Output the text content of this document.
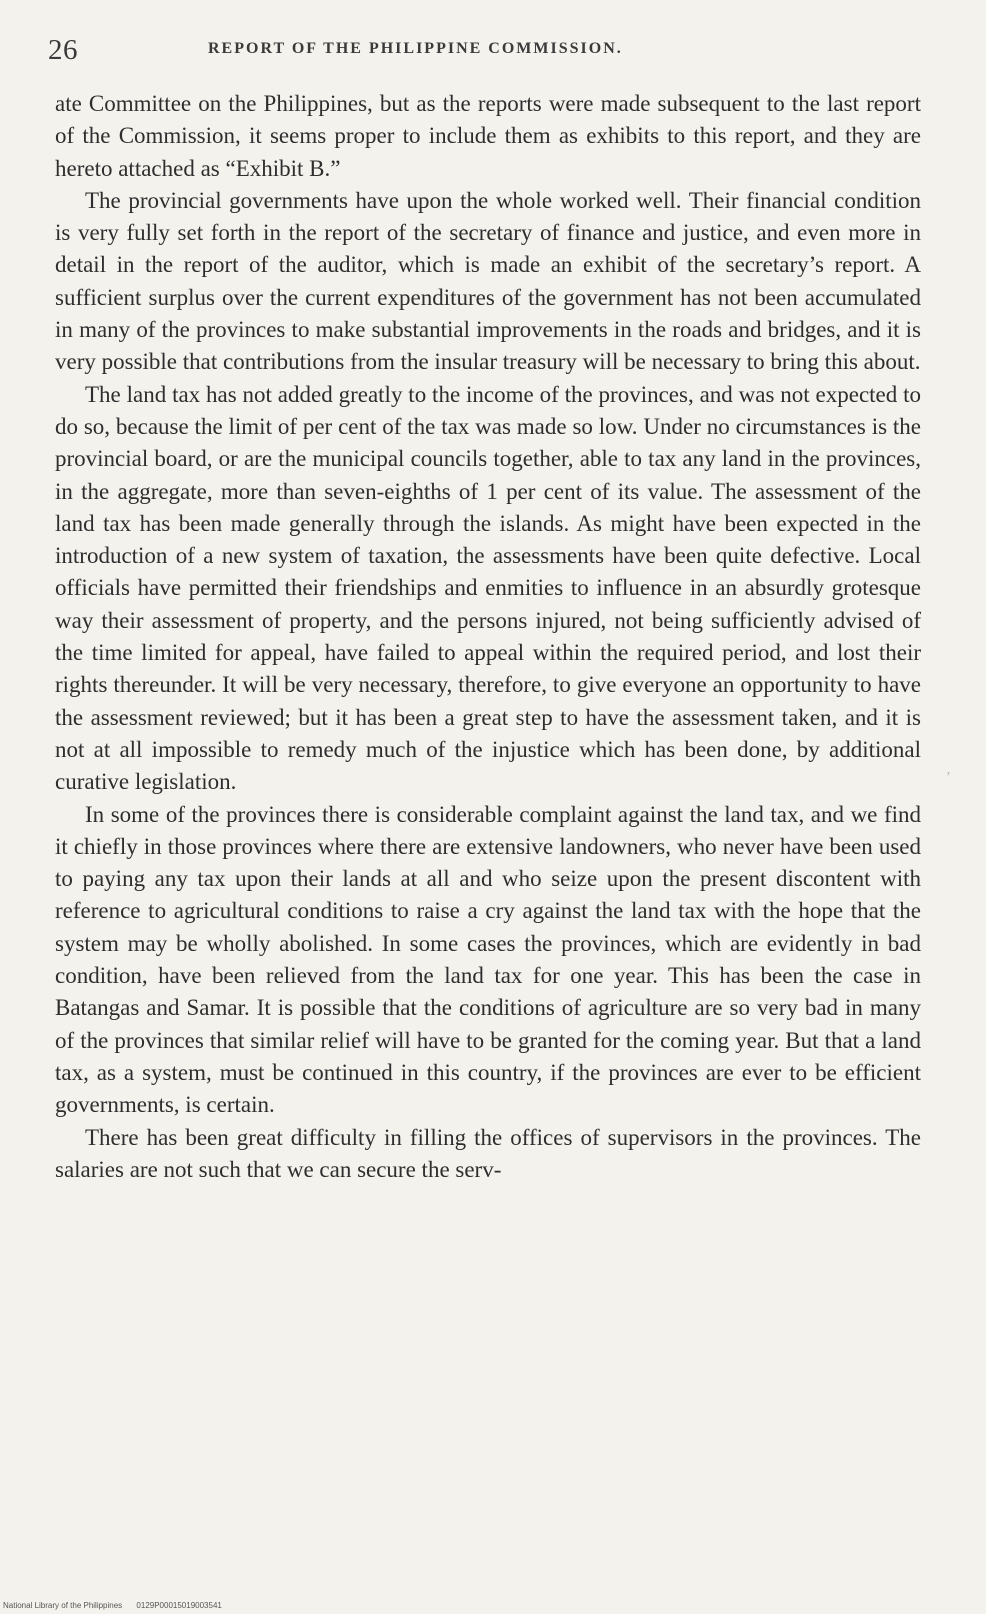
26	REPORT OF THE PHILIPPINE COMMISSION.

ate Committee on the Philippines, but as the reports were made subsequent to the last report of the Commission, it seems proper to include them as exhibits to this report, and they are hereto attached as “Exhibit B.”

The provincial governments have upon the whole worked well. Their financial condition is very fully set forth in the report of the secretary of finance and justice, and even more in detail in the report of the auditor, which is made an exhibit of the secretary’s report. A sufficient surplus over the current expenditures of the government has not been accumulated in many of the provinces to make substantial improvements in the roads and bridges, and it is very possible that contributions from the insular treasury will be necessary to bring this about.

The land tax has not added greatly to the income of the provinces, and was not expected to do so, because the limit of per cent of the tax was made so low. Under no circumstances is the provincial board, or are the municipal councils together, able to tax any land in the provinces, in the aggregate, more than seven-eighths of 1 per cent of its value. The assessment of the land tax has been made generally through the islands. As might have been expected in the introduction of a new system of taxation, the assessments have been quite defective. Local officials have permitted their friendships and enmities to influence in an absurdly grotesque way their assessment of property, and the persons injured, not being sufficiently advised of the time limited for appeal, have failed to appeal within the required period, and lost their rights thereunder. It will be very necessary, therefore, to give everyone an opportunity to have the assessment reviewed; but it has been a great step to have the assessment taken, and it is not at all impossible to remedy much of the injustice which has been done, by additional curative legislation.

In some of the provinces there is considerable complaint against the land tax, and we find it chiefly in those provinces where there are extensive landowners, who never have been used to paying any tax upon their lands at all and who seize upon the present discontent with reference to agricultural conditions to raise a cry against the land tax with the hope that the system may be wholly abolished. In some cases the provinces, which are evidently in bad condition, have been relieved from the land tax for one year. This has been the case in Batangas and Samar. It is possible that the conditions of agriculture are so very bad in many of the provinces that similar relief will have to be granted for the coming year. But that a land tax, as a system, must be continued in this country, if the provinces are ever to be efficient governments, is certain.

There has been great difficulty in filling the offices of supervisors in the provinces. The salaries are not such that we can secure the serv-

’
National Library of the Philippines 0129P00015019003541
